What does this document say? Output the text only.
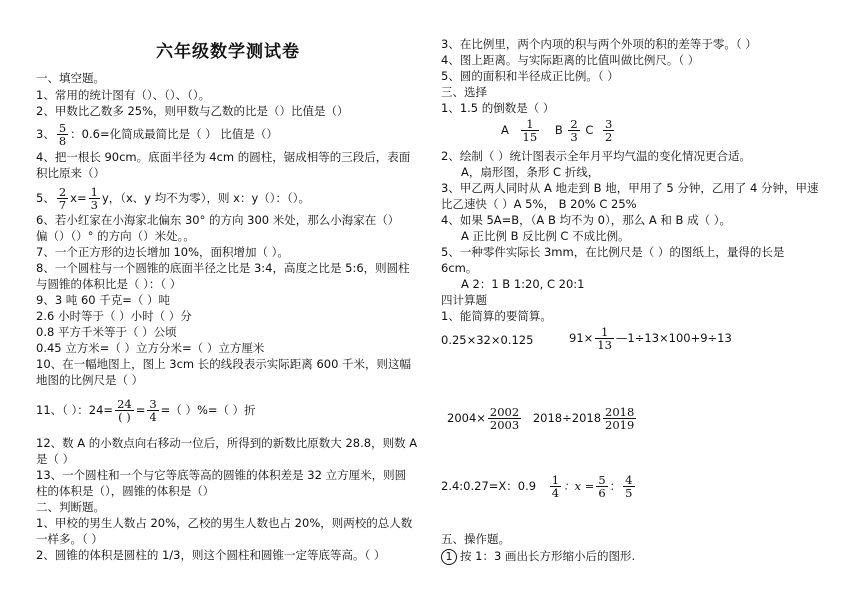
六年级数学测试卷
一、填空题。
1、常用的统计图有（）、（）、（）。
2、甲数比乙数多 25%，则甲数与乙数的比是（）比值是（）
3、 $\frac{5}{8}$ ：0.6=化简成最简比是（ ） 比值是（）
4、把一根长 90cm。底面半径为 4cm 的圆柱，锯成相等的三段后，表面
积比原来（）
5、 $\frac{2}{7} x= \frac{1}{3}$ y，（x、y 均不为零），则 x：y（）：（）。
6、若小红家在小海家北偏东 30° 的方向 300 米处，那么小海家在（）
偏（）（）° 的方向（）米处。。
7、一个正方形的边长增加 10%，面积增加（ ）。
8、一个圆柱与一个圆锥的底面半径之比是 3:4，高度之比是 5:6，则圆柱
与圆锥的体积比是（ ）：（ ）
9、3 吨 60 千克=（ ）吨
2.6 小时等于（ ）小时（ ）分
0.8 平方千米等于（ ）公顷
0.45 立方米=（ ）立方分米=（ ）立方厘米
10、在一幅地图上，图上 3cm 长的线段表示实际距离 600 千米，则这幅
地图的比例尺是（ ）
11、（ ）：$24= \frac{24}{( )} = \frac{3}{4}$ =（ ）%=（ ）折
12、数 A 的小数点向右移动一位后，所得到的新数比原数大 28.8，则数 A
是（ ）
13、一个圆柱和一个与它等底等高的圆锥的体积差是 32 立方厘米，则圆
柱的体积是（），圆锥的体积是（）
二、判断题。
1、甲校的男生人数占 20%，乙校的男生人数也占 20%，则两校的总人数
一样多。（ ）
2、圆锥的体积是圆柱的 1/3，则这个圆柱和圆锥一定等底等高。（ ）
3、在比例里，两个内项的积与两个外项的积的差等于零。（ ）
4、图上距离。与实际距离的比值叫做比例尺。（ ）
5、圆的面积和半径成正比例。（ ）
三、选择
1、1.5 的倒数是（ ）
A $\frac{1}{15}$ B $\frac{2}{3}$ C $\frac{3}{2}$
2、绘制（ ）统计图表示全年月平均气温的变化情况更合适。
A，扇形图，条形 C 折线，
3、甲乙两人同时从 A 地走到 B 地，甲用了 5 分钟，乙用了 4 分钟，甲速
比乙速快（ ）A 5%， B 20% C 25%
4、如果 5A=B，（A B 均不为 0），那么 A 和 B 成（ ）。
A 正比例 B 反比例 C 不成比例。
5、一种零件实际长 3mm，在比例尺是（ ）的图纸上，量得的长是
6cm。
A 2：1 B 1:20, C 20:1
四计算题
1、能简算的要简算。
0.25×32×0.125	$91\times \frac{1}{13}$ —1÷13×100+9÷13
$2004\times \frac{2002}{2003} 2018\div 2018 \frac{2018}{2019}$
2.4:0.27=X：$0.9 \frac{1}{4}$ ：$x = \frac{5}{6}$ ： $\frac{4}{5}$
五、操作题。
1 按 1：3 画出长方形缩小后的图形.
